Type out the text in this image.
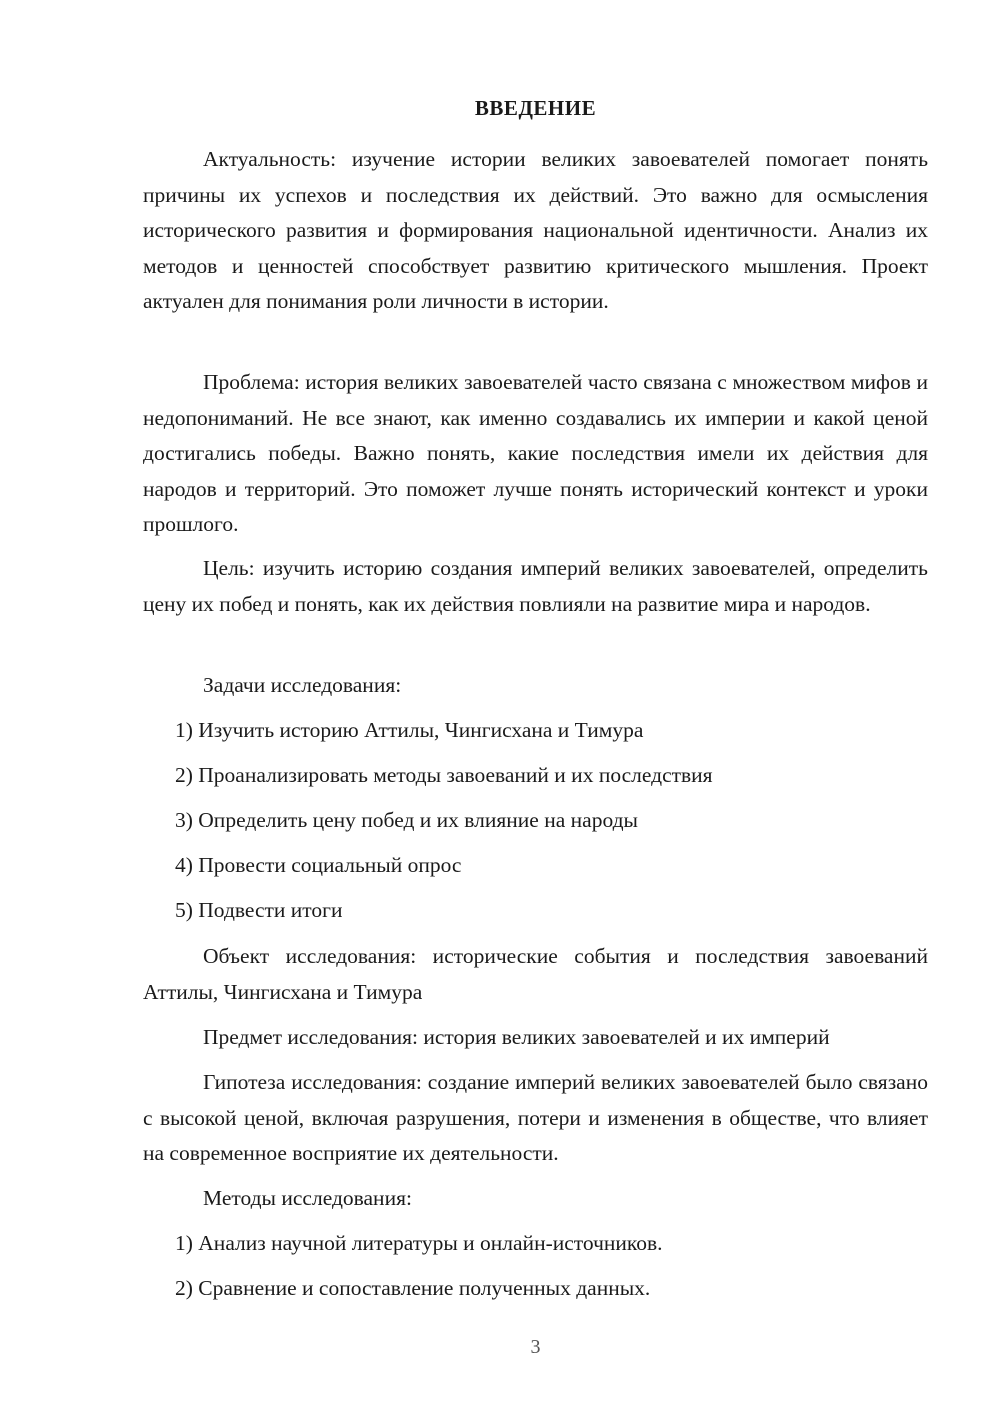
ВВЕДЕНИЕ

Актуальность: изучение истории великих завоевателей помогает понять причины их успехов и последствия их действий. Это важно для осмысления исторического развития и формирования национальной идентичности. Анализ их методов и ценностей способствует развитию критического мышления. Проект актуален для понимания роли личности в истории.

Проблема: история великих завоевателей часто связана с множеством мифов и недопониманий. Не все знают, как именно создавались их империи и какой ценой достигались победы. Важно понять, какие последствия имели их действия для народов и территорий. Это поможет лучше понять исторический контекст и уроки прошлого.

Цель: изучить историю создания империй великих завоевателей, определить цену их побед и понять, как их действия повлияли на развитие мира и народов.

Задачи исследования:
1) Изучить историю Аттилы, Чингисхана и Тимура
2) Проанализировать методы завоеваний и их последствия
3) Определить цену побед и их влияние на народы
4) Провести социальный опрос
5) Подвести итоги

Объект исследования: исторические события и последствия завоеваний Аттилы, Чингисхана и Тимура

Предмет исследования: история великих завоевателей и их империй

Гипотеза исследования: создание империй великих завоевателей было связано с высокой ценой, включая разрушения, потери и изменения в обществе, что влияет на современное восприятие их деятельности.

Методы исследования:
1) Анализ научной литературы и онлайн-источников.
2) Сравнение и сопоставление полученных данных.
3
